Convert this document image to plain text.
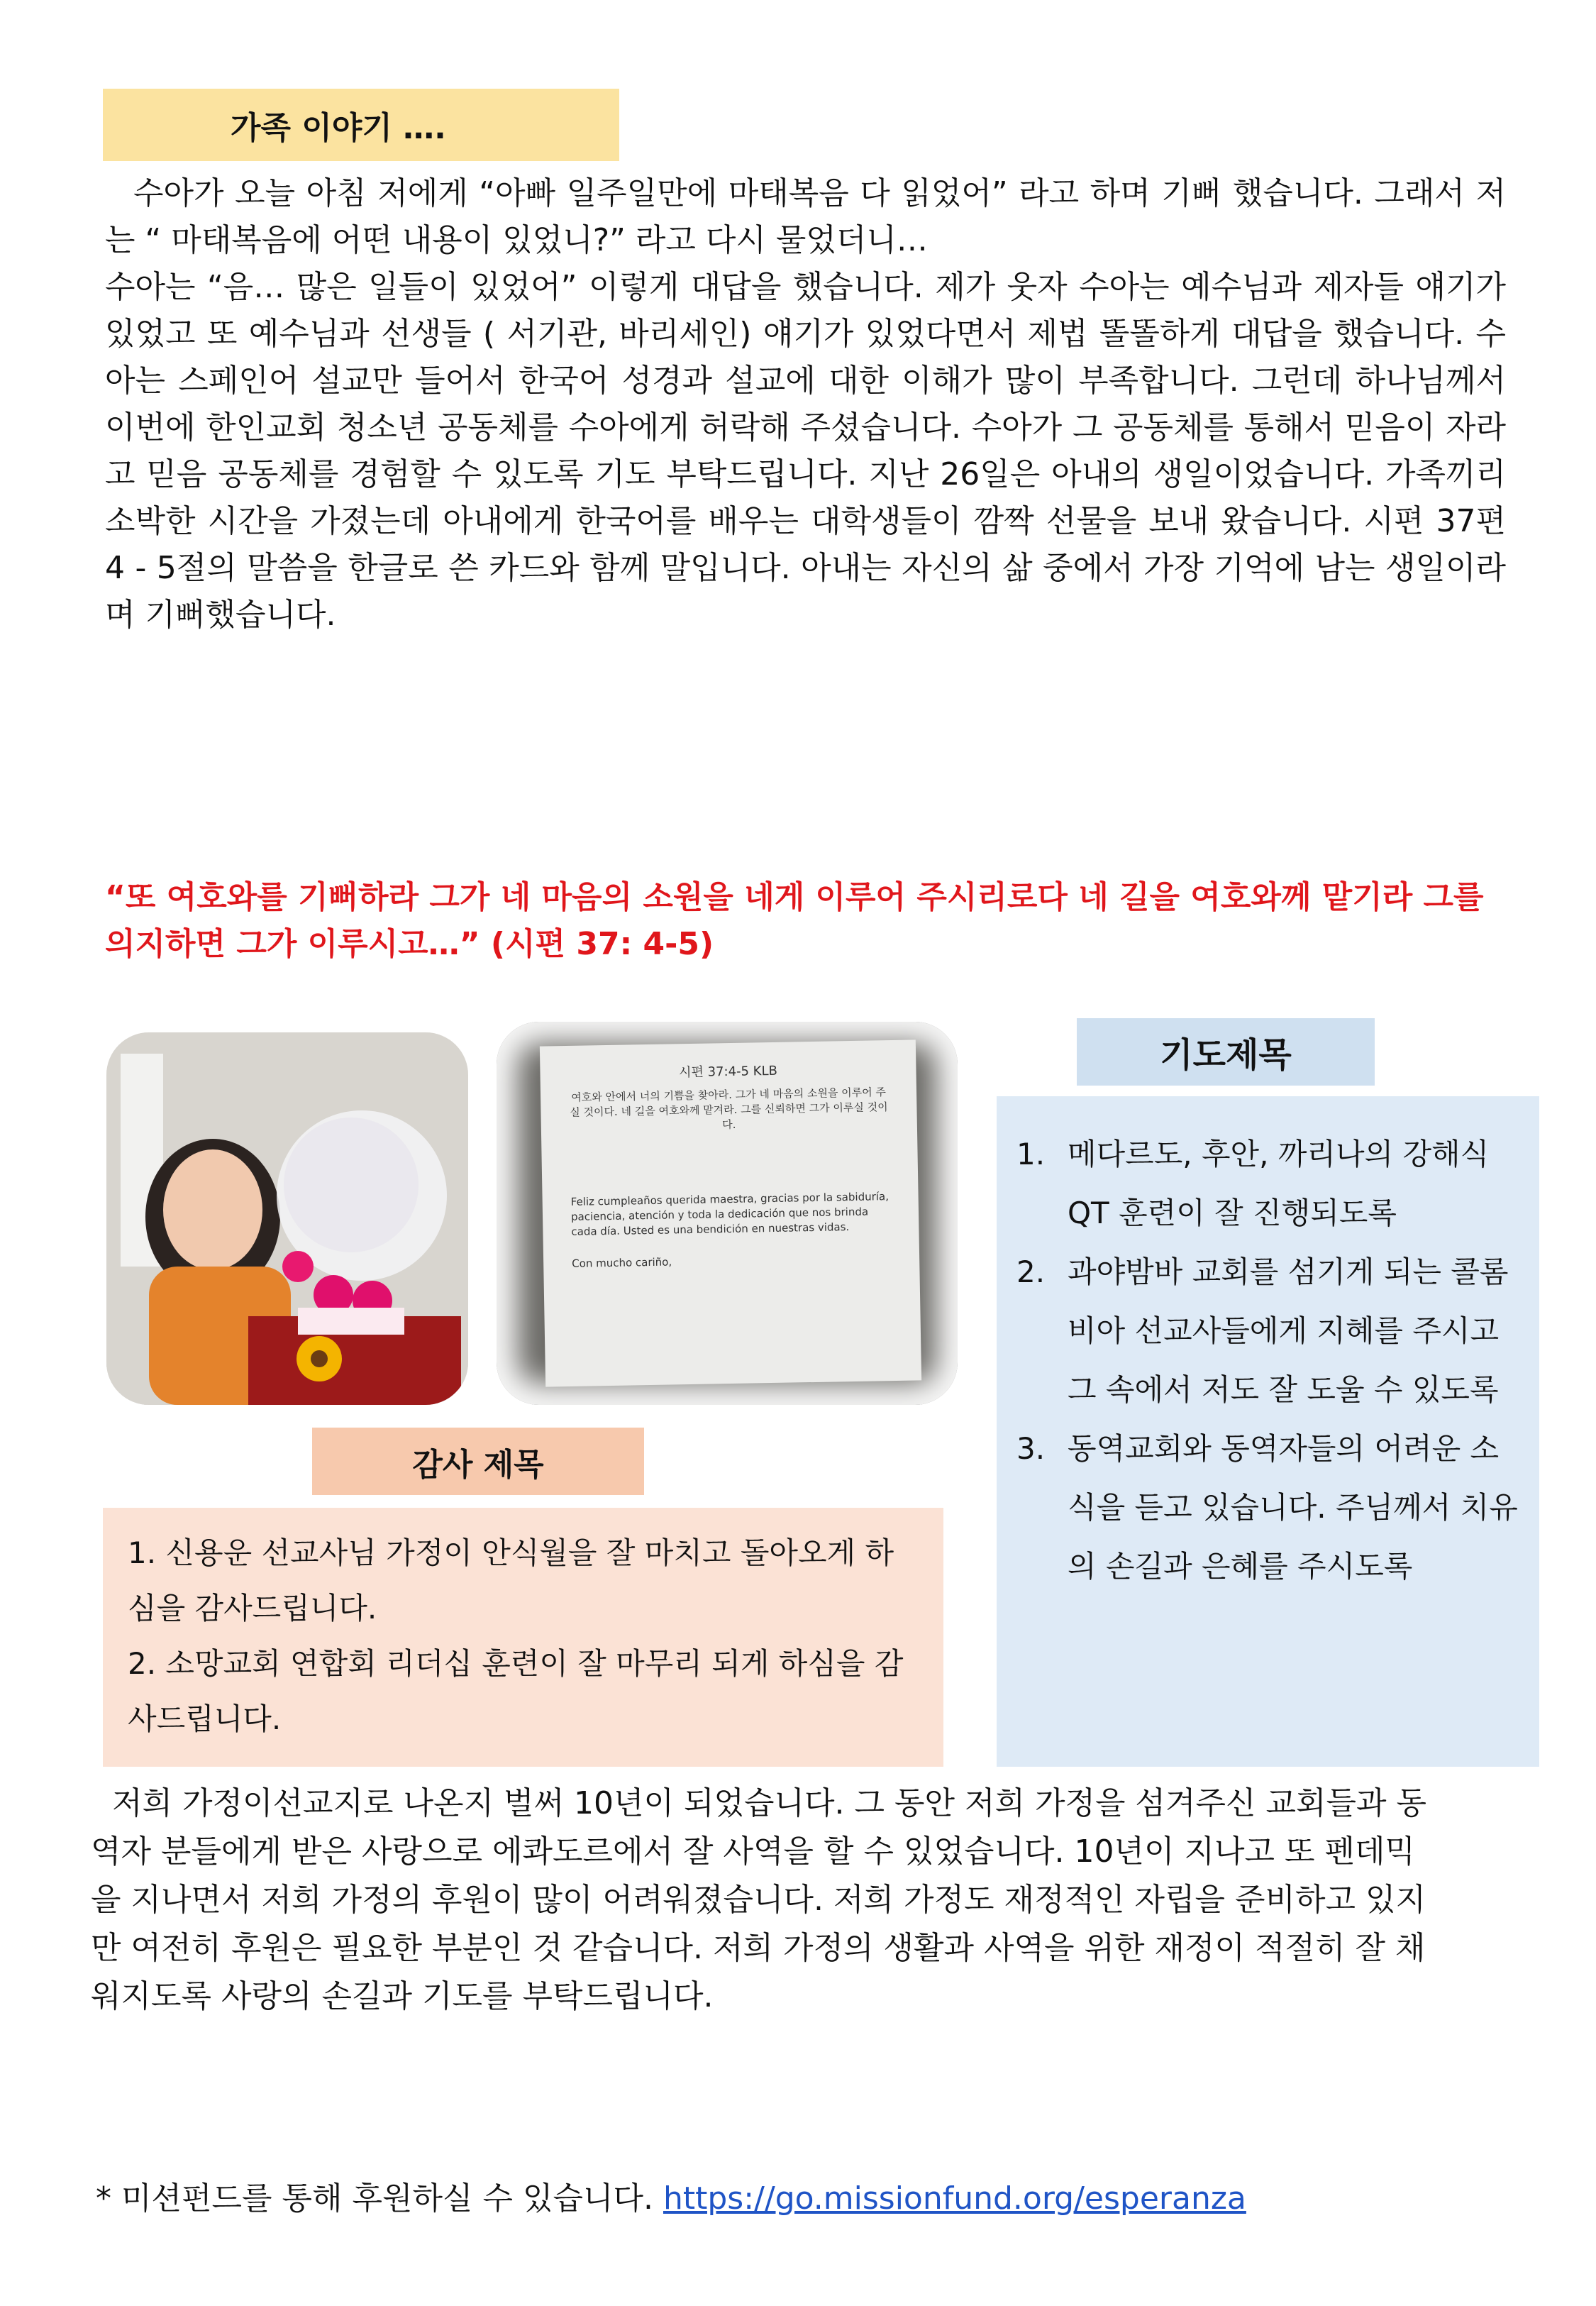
가족 이야기 ….

수아가 오늘 아침 저에게 “아빠 일주일만에 마태복음 다 읽었어” 라고 하며 기뻐 했습니다. 그래서 저는 “ 마태복음에 어떤 내용이 있었니?” 라고 다시 물었더니…

수아는 “음… 많은 일들이 있었어” 이렇게 대답을 했습니다. 제가 웃자 수아는 예수님과 제자들 얘기가 있었고 또 예수님과 선생들 ( 서기관, 바리세인) 얘기가 있었다면서 제법 똘똘하게 대답을 했습니다. 수아는 스페인어 설교만 들어서 한국어 성경과 설교에 대한 이해가 많이 부족합니다. 그런데 하나님께서 이번에 한인교회 청소년 공동체를 수아에게 허락해 주셨습니다. 수아가 그 공동체를 통해서 믿음이 자라고 믿음 공동체를 경험할 수 있도록 기도 부탁드립니다. 지난 26일은 아내의 생일이었습니다. 가족끼리 소박한 시간을 가졌는데 아내에게 한국어를 배우는 대학생들이 깜짝 선물을 보내 왔습니다. 시편 37편 4 - 5절의 말씀을 한글로 쓴 카드와 함께 말입니다. 아내는 자신의 삶 중에서 가장 기억에 남는 생일이라며 기뻐했습니다.

“또 여호와를 기뻐하라 그가 네 마음의 소원을 네게 이루어 주시리로다 네 길을 여호와께 맡기라 그를 의지하면 그가 이루시고…” (시편 37: 4-5)
시편 37:4-5 KLB
여호와 안에서 너의 기쁨을 찾아라. 그가 네 마음의 소원을 이루어 주실 것이다. 네 길을 여호와께 맡겨라. 그를 신뢰하면 그가 이루실 것이다.
Feliz cumpleaños querida maestra, gracias por la sabiduría, paciencia, atención y toda la dedicación que nos brinda cada día. Usted es una bendición en nuestras vidas.
Con mucho cariño,
기도제목
1. 메다르도, 후안, 까리나의 강해식 QT 훈련이 잘 진행되도록
2. 과야밤바 교회를 섬기게 되는 콜롬비아 선교사들에게 지혜를 주시고 그 속에서 저도 잘 도울 수 있도록
3. 동역교회와 동역자들의 어려운 소식을 듣고 있습니다. 주님께서 치유의 손길과 은혜를 주시도록
감사 제목
1. 신용운 선교사님 가정이 안식월을 잘 마치고 돌아오게 하심을 감사드립니다.
2. 소망교회 연합회 리더십 훈련이 잘 마무리 되게 하심을 감사드립니다.

저희 가정이선교지로 나온지 벌써 10년이 되었습니다. 그 동안 저희 가정을 섬겨주신 교회들과 동역자 분들에게 받은 사랑으로 에콰도르에서 잘 사역을 할 수 있었습니다. 10년이 지나고 또 펜데믹을 지나면서 저희 가정의 후원이 많이 어려워졌습니다. 저희 가정도 재정적인 자립을 준비하고 있지만 여전히 후원은 필요한 부분인 것 같습니다. 저희 가정의 생활과 사역을 위한 재정이 적절히 잘 채워지도록 사랑의 손길과 기도를 부탁드립니다.

* 미션펀드를 통해 후원하실 수 있습니다. https://go.missionfund.org/esperanza
